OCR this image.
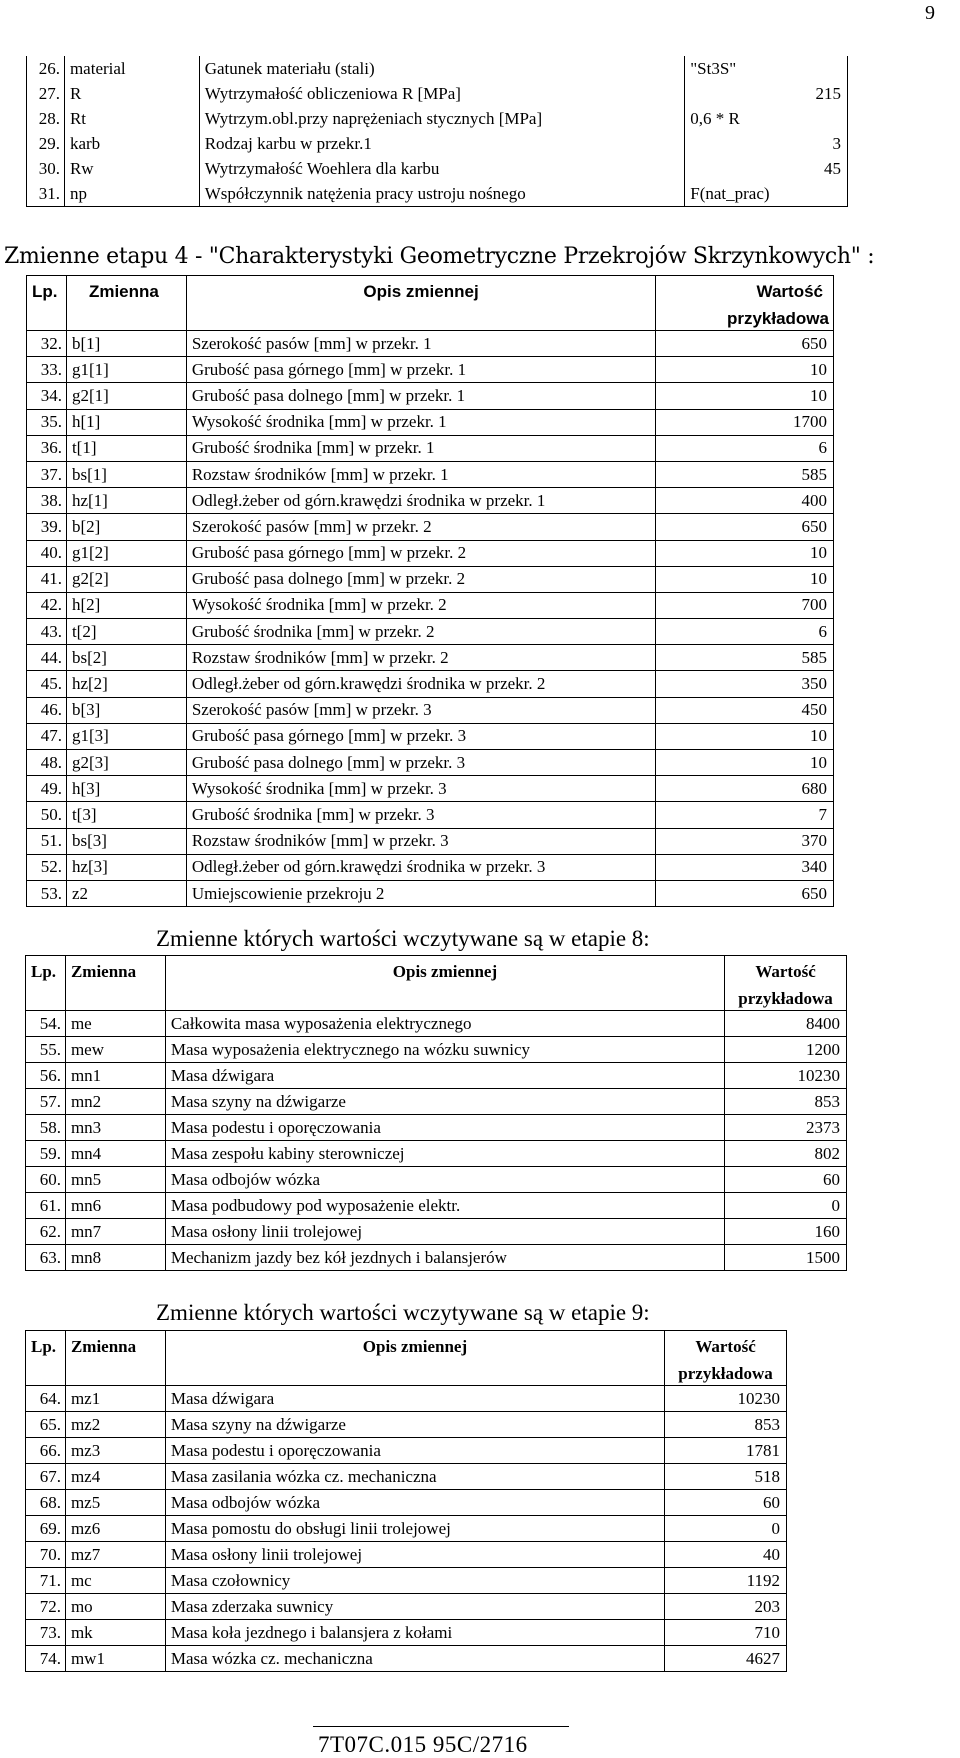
9
26.	material	Gatunek materiału (stali)	"St3S"
27.	R	Wytrzymałość obliczeniowa R [MPa]	215
28.	Rt	Wytrzym.obl.przy naprężeniach stycznych [MPa]	0,6 * R
29.	karb	Rodzaj karbu w przekr.1	3
30.	Rw	Wytrzymałość Woehlera dla karbu	45
31.	np	Współczynnik natężenia pracy ustroju nośnego	F(nat_prac)
Zmienne etapu 4 - "Charakterystyki Geometryczne Przekrojów Skrzynkowych" :
Lp.	Zmienna	Opis zmiennej	Wartość
			przykładowa
32.	b[1]	Szerokość pasów [mm] w przekr. 1	650
33.	g1[1]	Grubość pasa górnego [mm] w przekr. 1	10
34.	g2[1]	Grubość pasa dolnego [mm] w przekr. 1	10
35.	h[1]	Wysokość środnika [mm] w przekr. 1	1700
36.	t[1]	Grubość środnika [mm] w przekr. 1	6
37.	bs[1]	Rozstaw środników [mm] w przekr. 1	585
38.	hz[1]	Odległ.żeber od górn.krawędzi środnika w przekr. 1	400
39.	b[2]	Szerokość pasów [mm] w przekr. 2	650
40.	g1[2]	Grubość pasa górnego [mm] w przekr. 2	10
41.	g2[2]	Grubość pasa dolnego [mm] w przekr. 2	10
42.	h[2]	Wysokość środnika [mm] w przekr. 2	700
43.	t[2]	Grubość środnika [mm] w przekr. 2	6
44.	bs[2]	Rozstaw środników [mm] w przekr. 2	585
45.	hz[2]	Odległ.żeber od górn.krawędzi środnika w przekr. 2	350
46.	b[3]	Szerokość pasów [mm] w przekr. 3	450
47.	g1[3]	Grubość pasa górnego [mm] w przekr. 3	10
48.	g2[3]	Grubość pasa dolnego [mm] w przekr. 3	10
49.	h[3]	Wysokość środnika [mm] w przekr. 3	680
50.	t[3]	Grubość środnika [mm] w przekr. 3	7
51.	bs[3]	Rozstaw środników [mm] w przekr. 3	370
52.	hz[3]	Odległ.żeber od górn.krawędzi środnika w przekr. 3	340
53.	z2	Umiejscowienie przekroju 2	650
Zmienne których wartości wczytywane są w etapie 8:
Lp.	Zmienna	Opis zmiennej	Wartość
			przykładowa
54.	me	Całkowita masa wyposażenia elektrycznego	8400
55.	mew	Masa wyposażenia elektrycznego na wózku suwnicy	1200
56.	mn1	Masa dźwigara	10230
57.	mn2	Masa szyny na dźwigarze	853
58.	mn3	Masa podestu i oporęczowania	2373
59.	mn4	Masa zespołu kabiny sterowniczej	802
60.	mn5	Masa odbojów wózka	60
61.	mn6	Masa podbudowy pod wyposażenie elektr.	0
62.	mn7	Masa osłony linii trolejowej	160
63.	mn8	Mechanizm jazdy bez kół jezdnych i balansjerów	1500
Zmienne których wartości wczytywane są w etapie 9:
Lp.	Zmienna	Opis zmiennej	Wartość
			przykładowa
64.	mz1	Masa dźwigara	10230
65.	mz2	Masa szyny na dźwigarze	853
66.	mz3	Masa podestu i oporęczowania	1781
67.	mz4	Masa zasilania wózka cz. mechaniczna	518
68.	mz5	Masa odbojów wózka	60
69.	mz6	Masa pomostu do obsługi linii trolejowej	0
70.	mz7	Masa osłony linii trolejowej	40
71.	mc	Masa czołownicy	1192
72.	mo	Masa zderzaka suwnicy	203
73.	mk	Masa koła jezdnego i balansjera z kołami	710
74.	mw1	Masa wózka cz. mechaniczna	4627
7T07C.015 95C/2716
